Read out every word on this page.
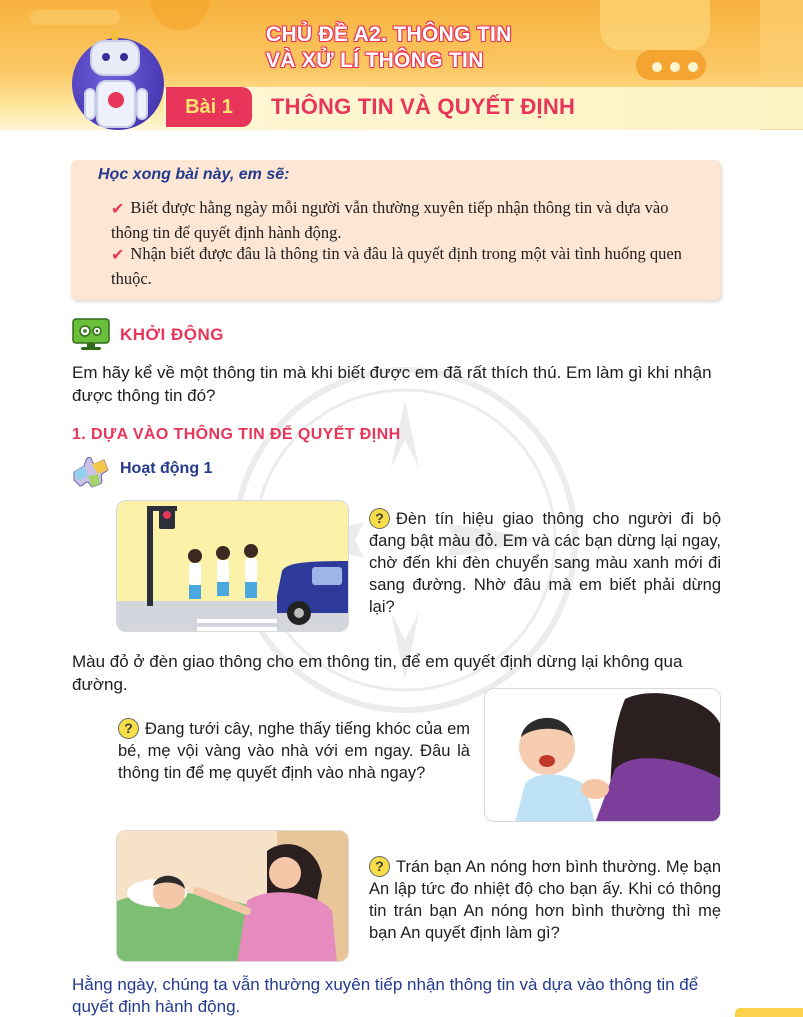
CHỦ ĐỀ A2. THÔNG TIN
VÀ XỬ LÍ THÔNG TIN
Bài 1	THÔNG TIN VÀ QUYẾT ĐỊNH
Học xong bài này, em sẽ:
✔ Biết được hằng ngày mỗi người vẫn thường xuyên tiếp nhận thông tin và dựa vào thông tin để quyết định hành động.
✔ Nhận biết được đâu là thông tin và đâu là quyết định trong một vài tình huống quen thuộc.
KHỞI ĐỘNG
Em hãy kể về một thông tin mà khi biết được em đã rất thích thú. Em làm gì khi nhận được thông tin đó?
1. DỰA VÀO THÔNG TIN ĐỂ QUYẾT ĐỊNH
Hoạt động 1
? Đèn tín hiệu giao thông cho người đi bộ đang bật màu đỏ. Em và các bạn dừng lại ngay, chờ đến khi đèn chuyển sang màu xanh mới đi sang đường. Nhờ đâu mà em biết phải dừng lại?
Màu đỏ ở đèn giao thông cho em thông tin, để em quyết định dừng lại không qua đường.
? Đang tưới cây, nghe thấy tiếng khóc của em bé, mẹ vội vàng vào nhà với em ngay. Đâu là thông tin để mẹ quyết định vào nhà ngay?
? Trán bạn An nóng hơn bình thường. Mẹ bạn An lập tức đo nhiệt độ cho bạn ấy. Khi có thông tin trán bạn An nóng hơn bình thường thì mẹ bạn An quyết định làm gì?
Hằng ngày, chúng ta vẫn thường xuyên tiếp nhận thông tin và dựa vào thông tin để quyết định hành động.
